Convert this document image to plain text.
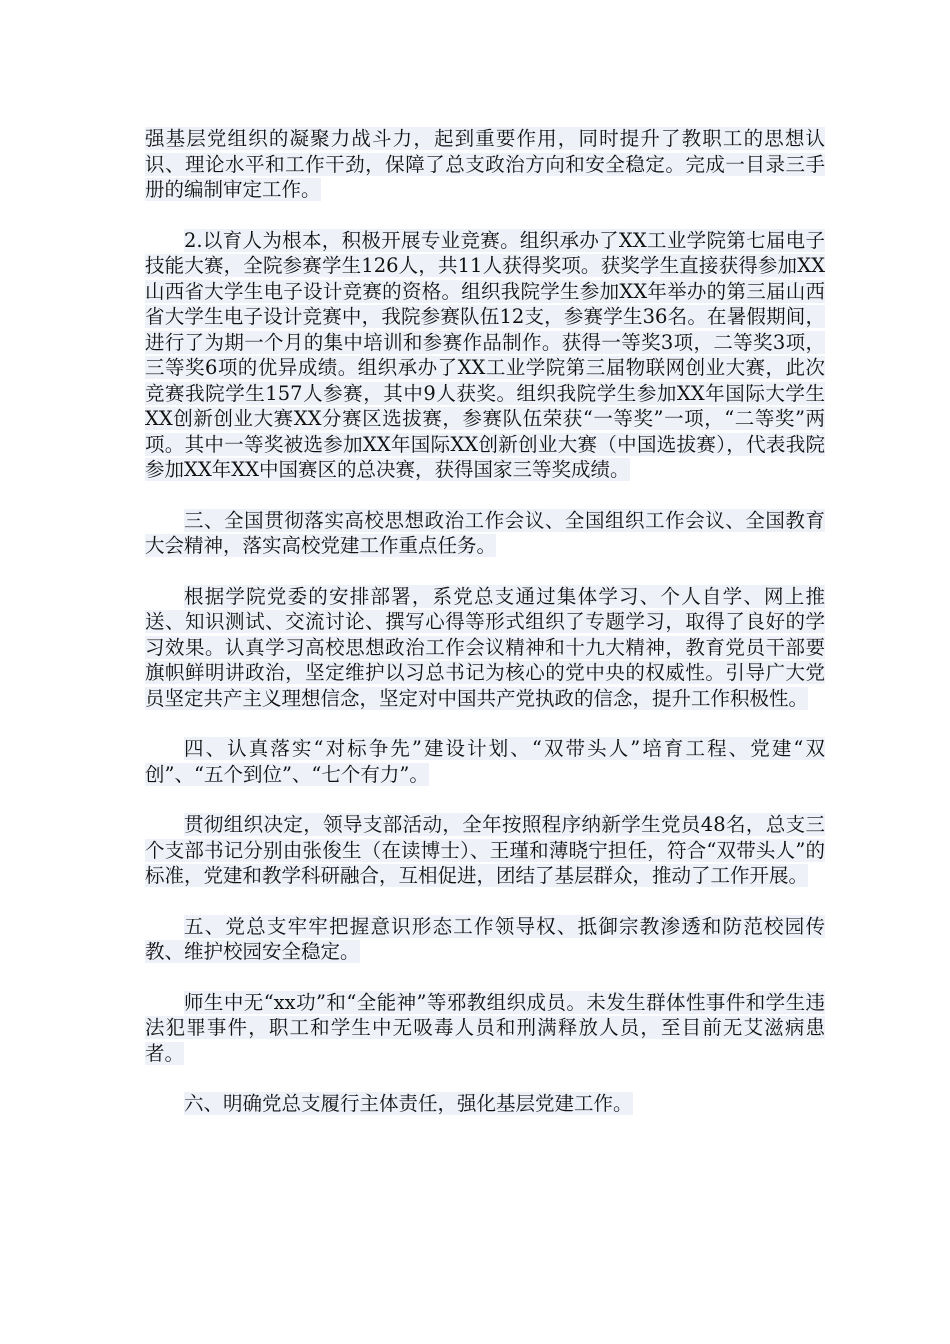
强基层党组织的凝聚力战斗力，起到重要作用，同时提升了教职工的思想认识、理论水平和工作干劲，保障了总支政治方向和安全稳定。完成一目录三手册的编制审定工作。

2.以育人为根本，积极开展专业竞赛。组织承办了XX工业学院第七届电子技能大赛，全院参赛学生126人，共11人获得奖项。获奖学生直接获得参加XX山西省大学生电子设计竞赛的资格。组织我院学生参加XX年举办的第三届山西省大学生电子设计竞赛中，我院参赛队伍12支，参赛学生36名。在暑假期间，进行了为期一个月的集中培训和参赛作品制作。获得一等奖3项，二等奖3项，三等奖6项的优异成绩。组织承办了XX工业学院第三届物联网创业大赛，此次竞赛我院学生157人参赛，其中9人获奖。组织我院学生参加XX年国际大学生XX创新创业大赛XX分赛区选拔赛，参赛队伍荣获“一等奖”一项，“二等奖”两项。其中一等奖被选参加XX年国际XX创新创业大赛（中国选拔赛），代表我院参加XX年XX中国赛区的总决赛，获得国家三等奖成绩。

三、全国贯彻落实高校思想政治工作会议、全国组织工作会议、全国教育大会精神，落实高校党建工作重点任务。

根据学院党委的安排部署，系党总支通过集体学习、个人自学、网上推送、知识测试、交流讨论、撰写心得等形式组织了专题学习，取得了良好的学习效果。认真学习高校思想政治工作会议精神和十九大精神，教育党员干部要旗帜鲜明讲政治，坚定维护以习总书记为核心的党中央的权威性。引导广大党员坚定共产主义理想信念，坚定对中国共产党执政的信念，提升工作积极性。

四、认真落实“对标争先”建设计划、“双带头人”培育工程、党建“双创”、“五个到位”、“七个有力”。

贯彻组织决定，领导支部活动，全年按照程序纳新学生党员48名，总支三个支部书记分别由张俊生（在读博士）、王瑾和薄晓宁担任，符合“双带头人”的标准，党建和教学科研融合，互相促进，团结了基层群众，推动了工作开展。

五、党总支牢牢把握意识形态工作领导权、抵御宗教渗透和防范校园传教、维护校园安全稳定。

师生中无“xx功”和“全能神”等邪教组织成员。未发生群体性事件和学生违法犯罪事件，职工和学生中无吸毒人员和刑满释放人员，至目前无艾滋病患者。

六、明确党总支履行主体责任，强化基层党建工作。
